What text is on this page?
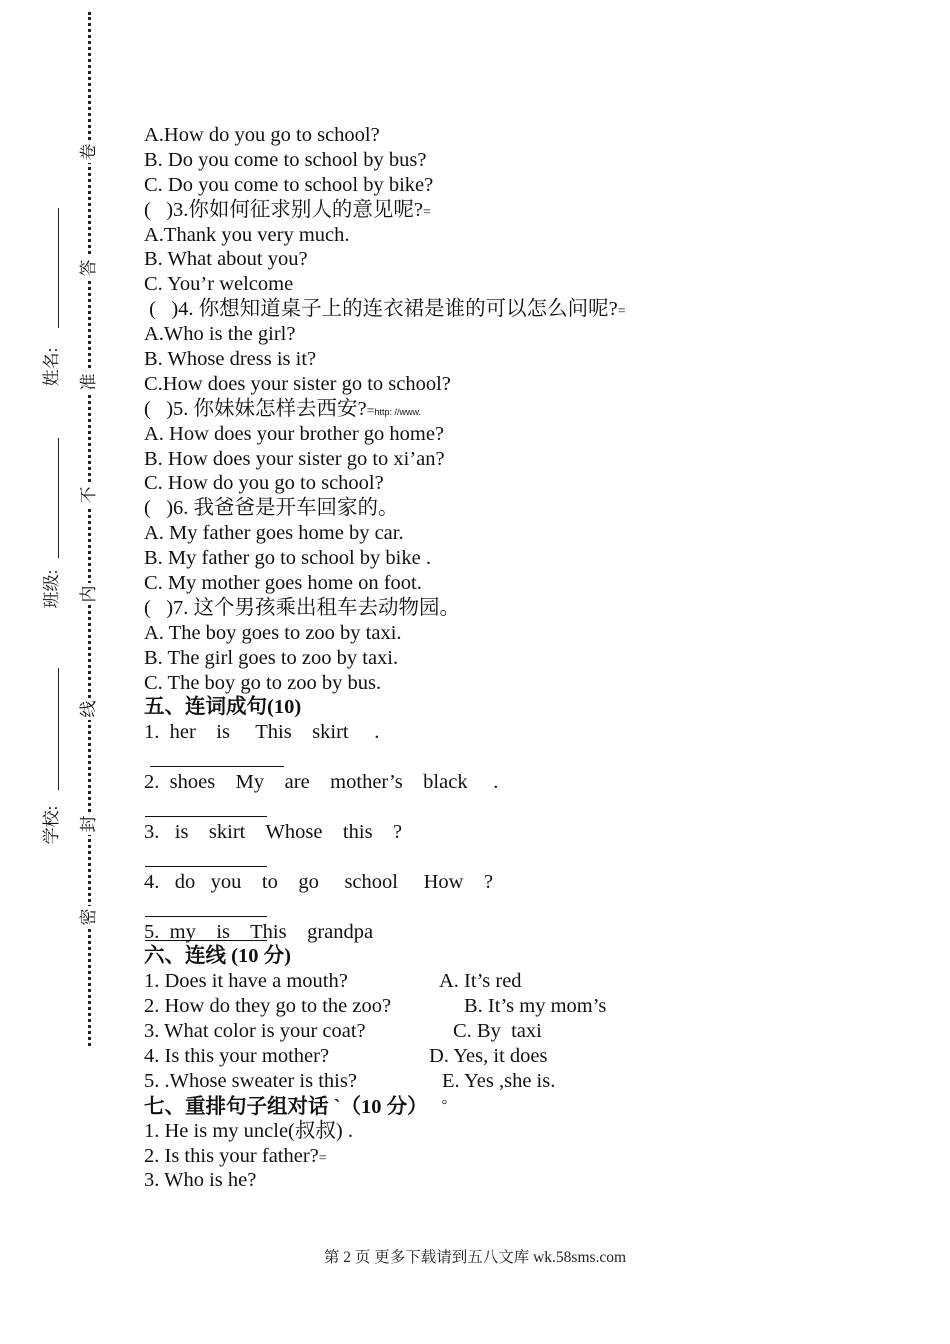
卷
答
准
不
内
线
封
密
姓名:
班级:
学校:
A.How do you go to school?
B. Do you come to school by bus?
C. Do you come to school by bike?
(   )3.你如何征求别人的意见呢?=
A.Thank you very much.
B. What about you?
C. You’r welcome
(   )4. 你想知道桌子上的连衣裙是谁的可以怎么问呢?=
A.Who is the girl?
B. Whose dress is it?
C.How does your sister go to school?
(   )5. 你妹妹怎样去西安?=http: //www.
A. How does your brother go home?
B. How does your sister go to xi’an?
C. How do you go to school?
(   )6. 我爸爸是开车回家的。
A. My father goes home by car.
B. My father go to school by bike .
C. My mother goes home on foot.
(   )7. 这个男孩乘出租车去动物园。
A. The boy goes to zoo by taxi.
B. The girl goes to zoo by taxi.
C. The boy go to zoo by bus.
五、连词成句(10)
1.  her    is     This    skirt     .
2.  shoes    My    are    mother’s    black     .
3.   is    skirt    Whose    this    ?
4.   do   you    to    go     school     How    ?
5.  my    is    This    grandpa
六、连线 (10 分)
1. Does it have a mouth?	A. It’s red
2. How do they go to the zoo?	B. It’s my mom’s
3. What color is your coat?	C. By  taxi
4. Is this your mother?	D. Yes, it does
5. .Whose sweater is this?	E. Yes ,she is.
七、重排句子组对话 `（10 分） °
1. He is my uncle(叔叔) .
2. Is this your father?=
3. Who is he?
第 2 页 更多下载请到五八文库 wk.58sms.com
